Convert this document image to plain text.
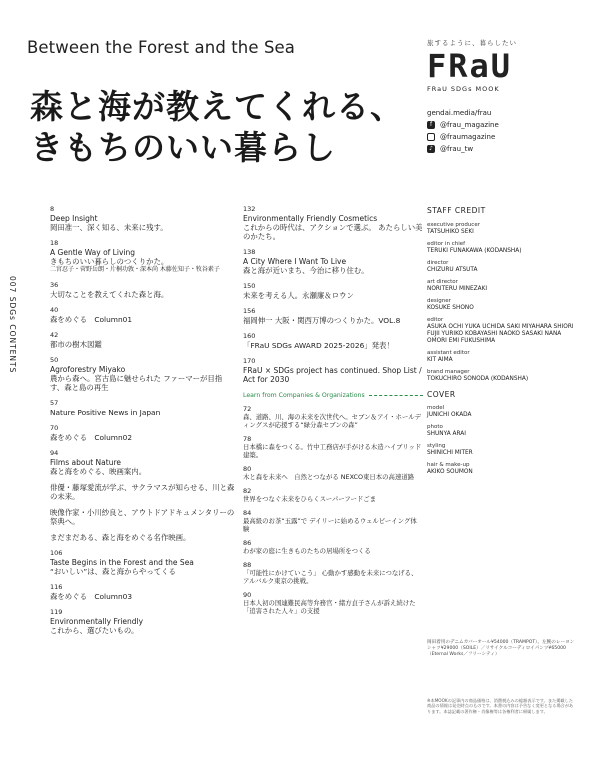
Between the Forest and the Sea
森と海が教えてくれる、
きもちのいい暮らし
旅するように、暮らしたい
FRaU
FRaU SDGs MOOK
gendai.media/frau
f	@frau_magazine
@fraumagazine
♪ @frau_tw
007 SDGs CONTENTS
8
Deep Insight
岡田准一、深く知る、未来に残す。
18
A Gentle Way of Living
きもちのいい暮らしのつくりかた。
二宮忍子・菅野岳朗・片桐功敦・深本尚 木藤佐知子・牧谷素子
36
大切なことを教えてくれた森と海。
40
森をめぐる　Column01
42
都市の樹木図鑑
50
Agroforestry Miyako
農から森へ。宮古島に魅せられた ファーマーが目指す、森と島の再生
57
Nature Positive News in Japan
70
森をめぐる　Column02
94
Films about Nature
森と海をめぐる、映画案内。
俳優・藤塚愛流が学ぶ、サクラマスが知らせる、川と森の未来。
映像作家・小川紗良と、アウトドアドキュメンタリーの祭典へ。
まだまだある、森と海をめぐる名作映画。
106
Taste Begins in the Forest and the Sea
“おいしい”は、森と海からやってくる
116
森をめぐる　Column03
119
Environmentally Friendly
これから、選びたいもの。
132
Environmentally Friendly Cosmetics
これからの時代は、アクションで選ぶ。 あたらしい美のかたち。
138
A City Where I Want To Live
森と海が近いまち、今治に移り住む。
150
未来を考える人。永瀬廉＆ロウン
156
福岡伸一 大阪・関西万博のつくりかた。VOL.8
160
「FRaU SDGs AWARD 2025-2026」発表！
170
FRaU × SDGs project has continued. Shop List / Act for 2030
Learn from Companies & Organizations
72
森、道路、川、海の未来を次世代へ。セブン＆アイ・ホールディングスが応援する“緑分森セブンの森”
78
日本橋に森をつくる。竹中工務店が手がける木造ハイブリッド建築。
80
木と森を未来へ　自然とつながる NEXCO東日本の高速道路
82
世界をつなぐ未来をひらくスーパーフードごま
84
最高級のお茶“玉露”で デイリーに始めるウェルビーイング体験
86
わが家の庭に生きものたちの居場所をつくる
88
「可能性にかけていこう」 心動かす感動を未来につなげる、アルバルク東京の挑戦。
90
日本人初の国連難民高等弁務官・緒方貞子さんが訴え続けた「追害された人々」の支援
STAFF CREDIT
executive producer
TATSUHIKO SEKI
editor in chief
TERUKI FUNAKAWA (KODANSHA)
director
CHIZURU ATSUTA
art director
NORITERU MINEZAKI
designer
KOSUKE SHONO
editor
ASUKA OCHI YUKA UCHIDA SAKI MIYAHARA SHIORI FUJII YURIKO KOBAYASHI NAOKO SASAKI NANA OMORI EMI FUKUSHIMA
assistant editor
KIT AIMA
brand manager
TOKUCHIRO SONODA (KODANSHA)
COVER
model
JUNICHI OKADA
photo
SHUNYA ARAI
styling
SHINICHI MITER
hair & make-up
AKIKO SOUMON
岡田着用のデニムカバーオール¥54000（TRAMPOT）、左腕のレーヨンシャツ¥29000（SOILE）／リサイクルコーディロイパンツ¥65000（Eternal Works／フリーシティ）
※本MOOKの記事内の商品価格は、消費税込みの総額表示です。また掲載した商品の情報は発売時点のものです。本書の内容は予告なく変更となる場合があります。本誌記載の著作権・肖像権等は各権利者に帰属します。
